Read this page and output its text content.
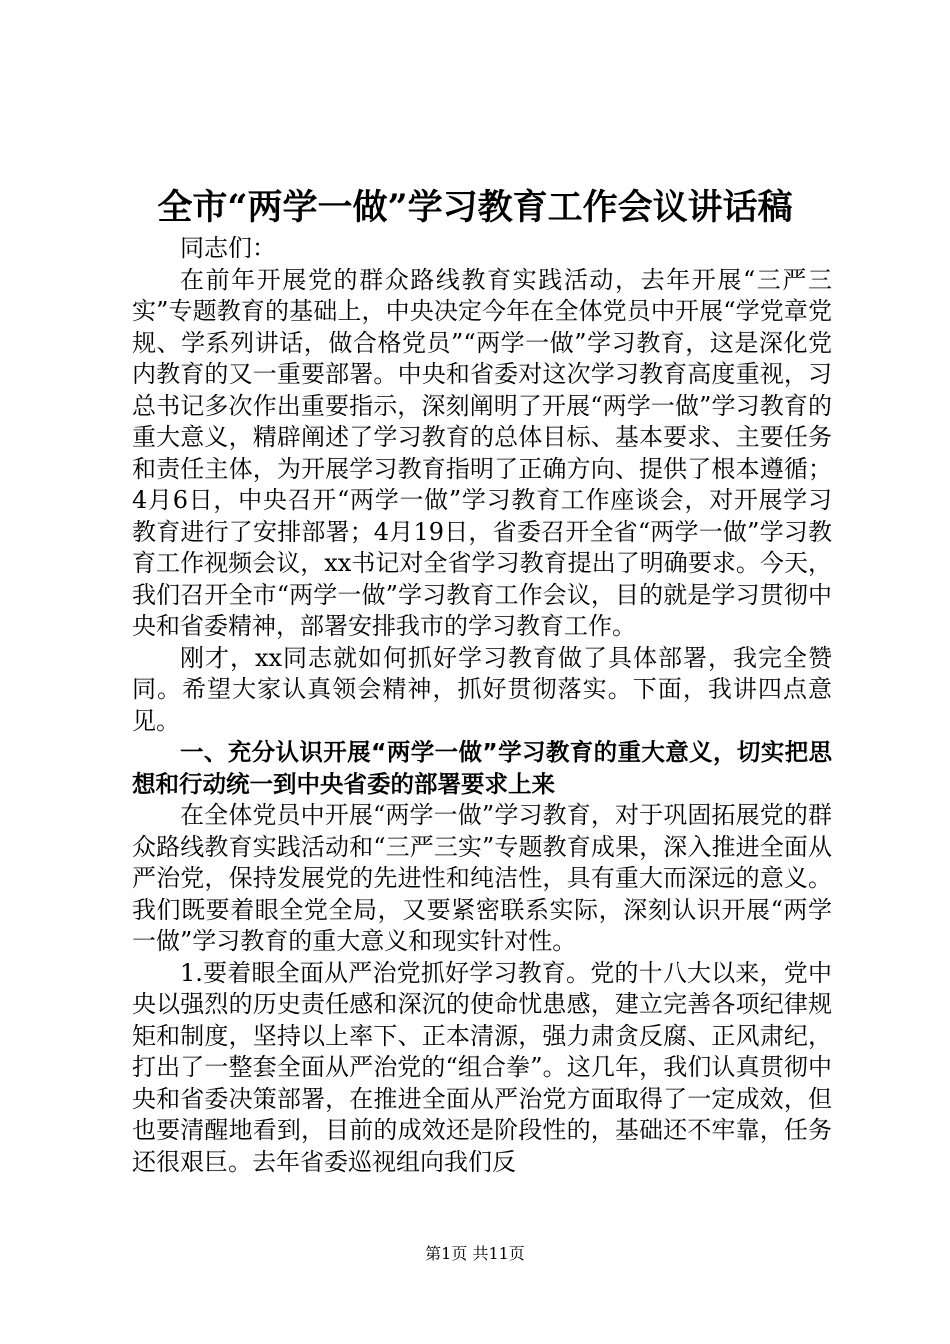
全市“两学一做”学习教育工作会议讲话稿

同志们：

在前年开展党的群众路线教育实践活动，去年开展“三严三实”专题教育的基础上，中央决定今年在全体党员中开展“学党章党规、学系列讲话，做合格党员”“两学一做”学习教育，这是深化党内教育的又一重要部署。中央和省委对这次学习教育高度重视，习总书记多次作出重要指示，深刻阐明了开展“两学一做”学习教育的重大意义，精辟阐述了学习教育的总体目标、基本要求、主要任务和责任主体，为开展学习教育指明了正确方向、提供了根本遵循；4月6日，中央召开“两学一做”学习教育工作座谈会，对开展学习教育进行了安排部署；4月19日，省委召开全省“两学一做”学习教育工作视频会议，xx书记对全省学习教育提出了明确要求。今天，我们召开全市“两学一做”学习教育工作会议，目的就是学习贯彻中央和省委精神，部署安排我市的学习教育工作。

刚才，xx同志就如何抓好学习教育做了具体部署，我完全赞同。希望大家认真领会精神，抓好贯彻落实。下面，我讲四点意见。

一、充分认识开展“两学一做”学习教育的重大意义，切实把思想和行动统一到中央省委的部署要求上来

在全体党员中开展“两学一做”学习教育，对于巩固拓展党的群众路线教育实践活动和“三严三实”专题教育成果，深入推进全面从严治党，保持发展党的先进性和纯洁性，具有重大而深远的意义。我们既要着眼全党全局，又要紧密联系实际，深刻认识开展“两学一做”学习教育的重大意义和现实针对性。

1.要着眼全面从严治党抓好学习教育。党的十八大以来，党中央以强烈的历史责任感和深沉的使命忧患感，建立完善各项纪律规矩和制度，坚持以上率下、正本清源，强力肃贪反腐、正风肃纪，打出了一整套全面从严治党的“组合拳”。这几年，我们认真贯彻中央和省委决策部署，在推进全面从严治党方面取得了一定成效，但也要清醒地看到，目前的成效还是阶段性的，基础还不牢靠，任务还很艰巨。去年省委巡视组向我们反

第1页 共11页
